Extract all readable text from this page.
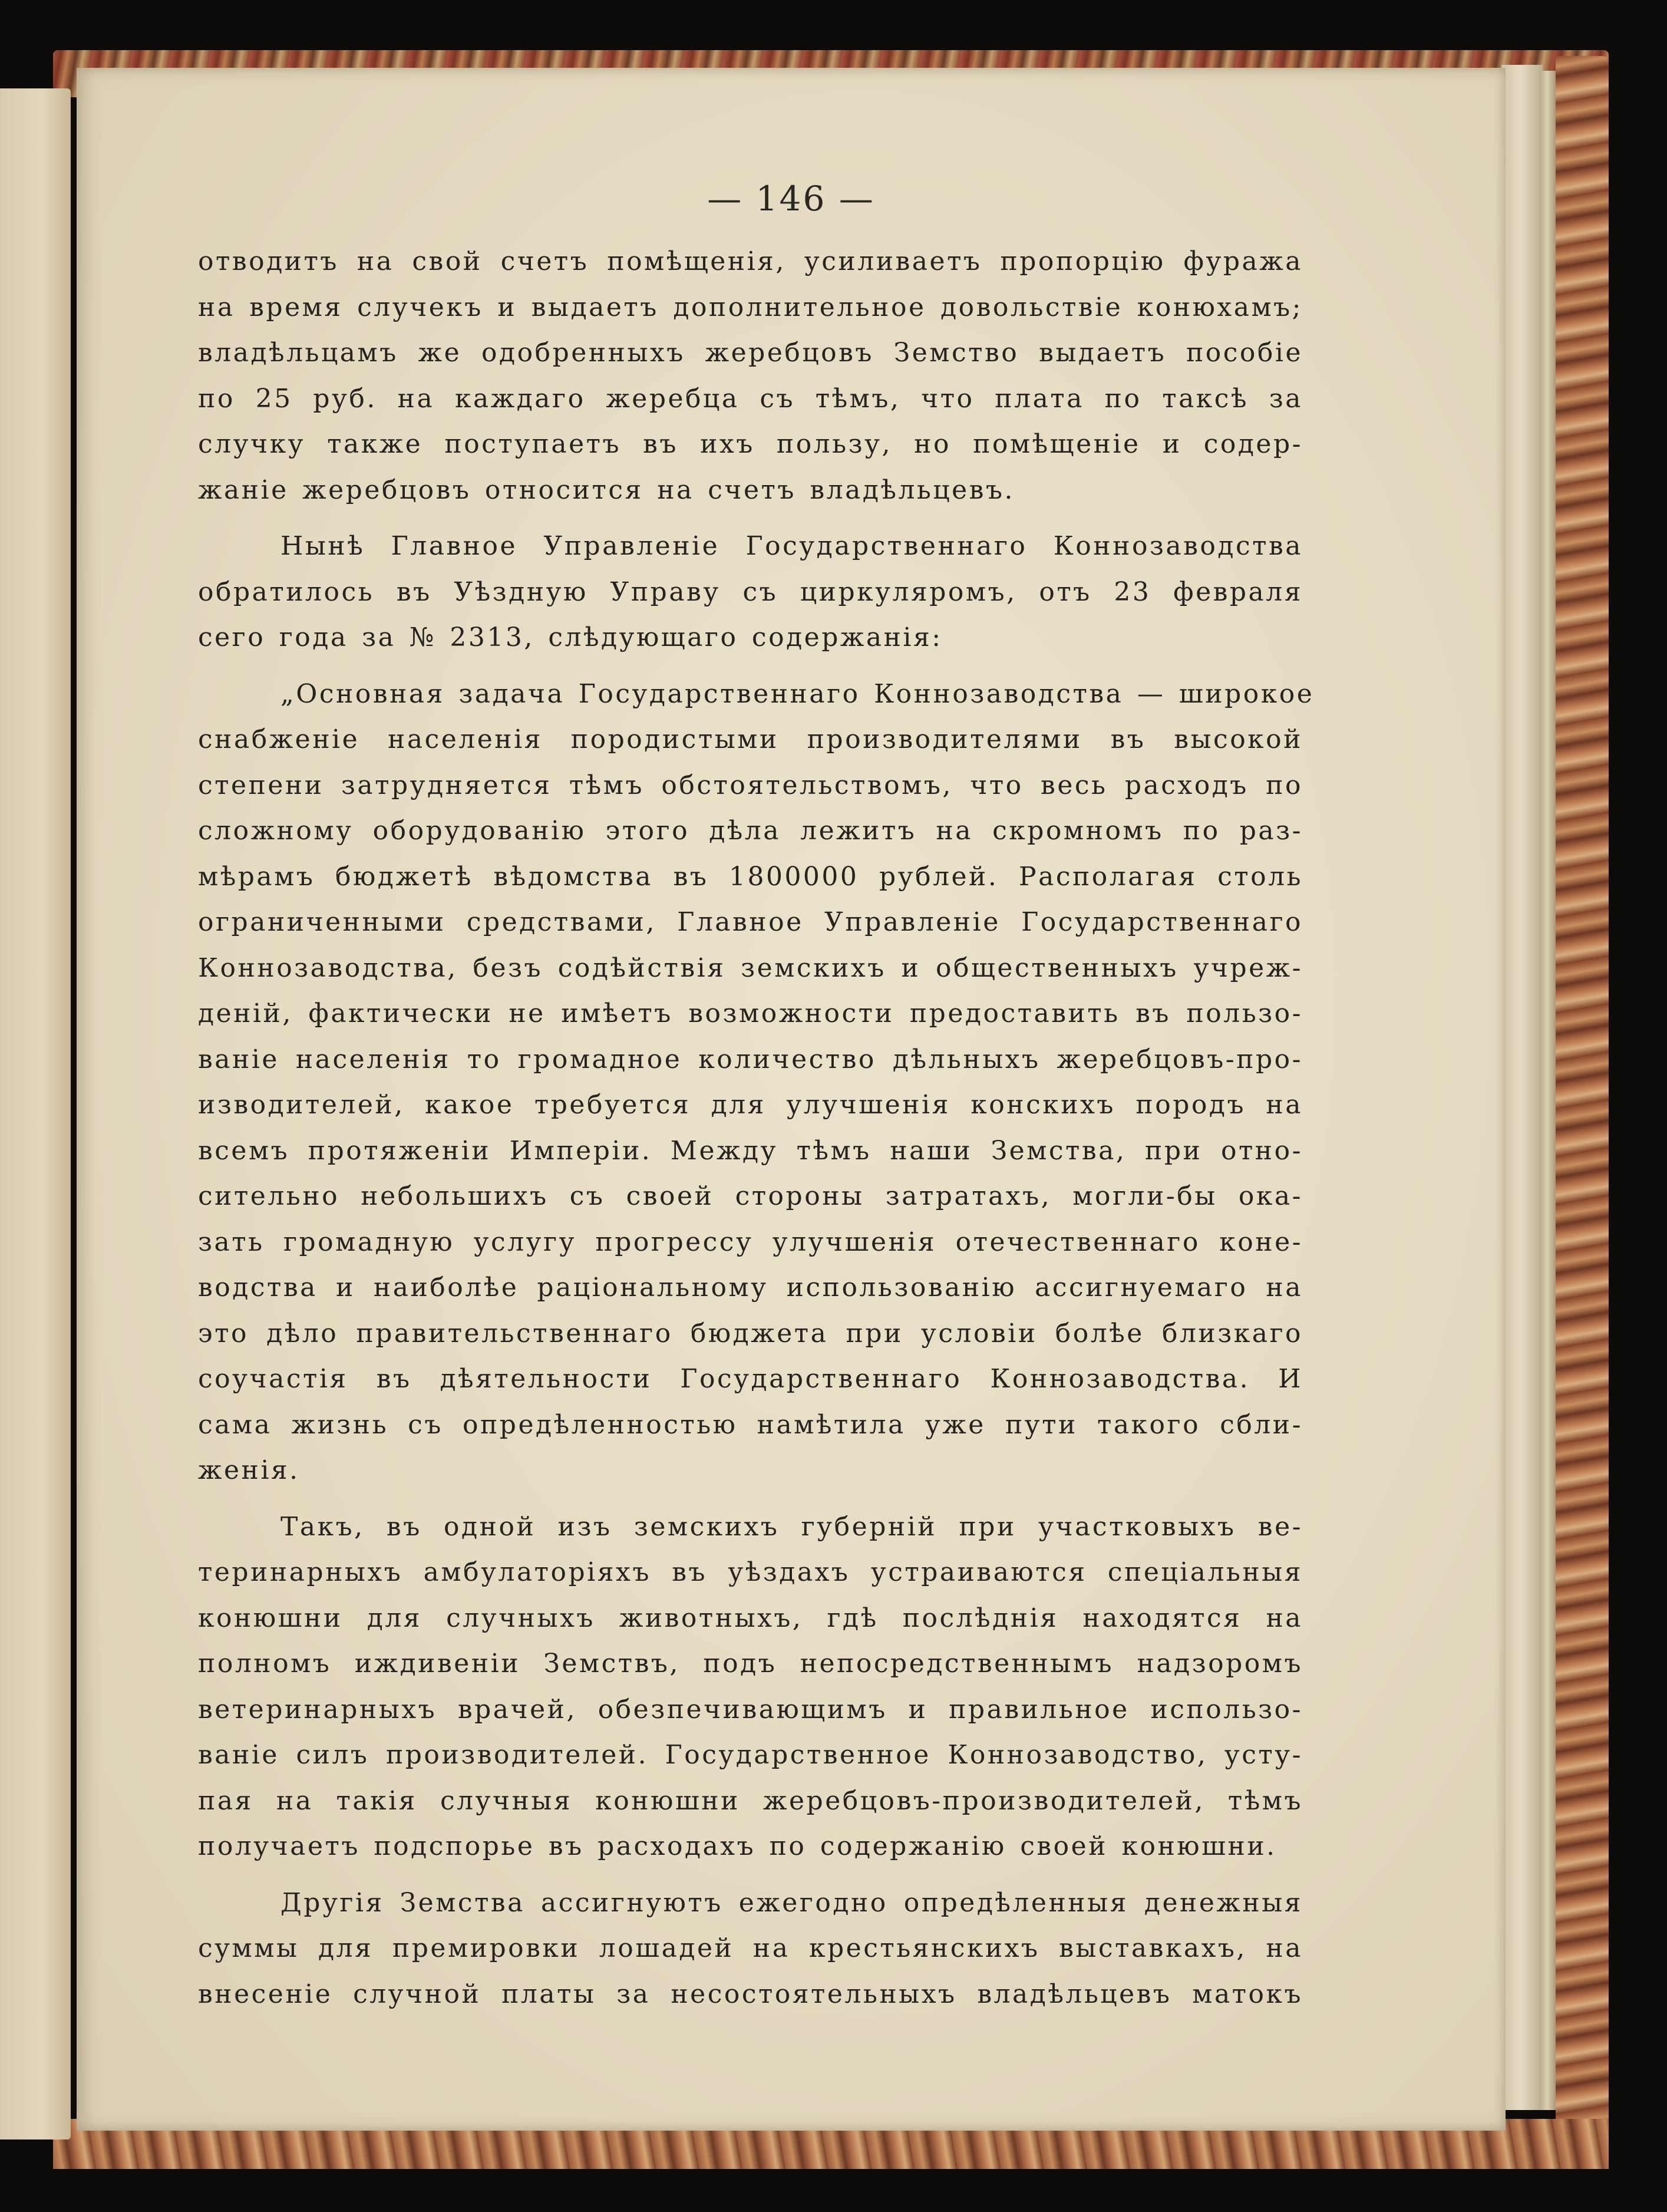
— 146 —
отводитъ на свой счетъ помѣщенія, усиливаетъ пропорцію фуража
на время случекъ и выдаетъ дополнительное довольствіе конюхамъ;
владѣльцамъ же одобренныхъ жеребцовъ Земство выдаетъ пособіе
по 25 руб. на каждаго жеребца съ тѣмъ, что плата по таксѣ за
случку также поступаетъ въ ихъ пользу, но помѣщеніе и содер-
жаніе жеребцовъ относится на счетъ владѣльцевъ.
Нынѣ Главное Управленіе Государственнаго Коннозаводства
обратилось въ Уѣздную Управу съ циркуляромъ, отъ 23 февраля
сего года за № 2313, слѣдующаго содержанія:
„Основная задача Государственнаго Коннозаводства — широкое
снабженіе населенія породистыми производителями въ высокой
степени затрудняется тѣмъ обстоятельствомъ, что весь расходъ по
сложному оборудованію этого дѣла лежитъ на скромномъ по раз-
мѣрамъ бюджетѣ вѣдомства въ 1800000 рублей. Располагая столь
ограниченными средствами, Главное Управленіе Государственнаго
Коннозаводства, безъ содѣйствія земскихъ и общественныхъ учреж-
деній, фактически не имѣетъ возможности предоставить въ пользо-
ваніе населенія то громадное количество дѣльныхъ жеребцовъ-про-
изводителей, какое требуется для улучшенія конскихъ породъ на
всемъ протяженіи Имперіи. Между тѣмъ наши Земства, при отно-
сительно небольшихъ съ своей стороны затратахъ, могли-бы ока-
зать громадную услугу прогрессу улучшенія отечественнаго коне-
водства и наиболѣе раціональному использованію ассигнуемаго на
это дѣло правительственнаго бюджета при условіи болѣе близкаго
соучастія въ дѣятельности Государственнаго Коннозаводства. И
сама жизнь съ опредѣленностью намѣтила уже пути такого сбли-
женія.
Такъ, въ одной изъ земскихъ губерній при участковыхъ ве-
теринарныхъ амбулаторіяхъ въ уѣздахъ устраиваются спеціальныя
конюшни для случныхъ животныхъ, гдѣ послѣднія находятся на
полномъ иждивеніи Земствъ, подъ непосредственнымъ надзоромъ
ветеринарныхъ врачей, обезпечивающимъ и правильное использо-
ваніе силъ производителей. Государственное Коннозаводство, усту-
пая на такія случныя конюшни жеребцовъ-производителей, тѣмъ
получаетъ подспорье въ расходахъ по содержанію своей конюшни.
Другія Земства ассигнуютъ ежегодно опредѣленныя денежныя
суммы для премировки лошадей на крестьянскихъ выставкахъ, на
внесеніе случной платы за несостоятельныхъ владѣльцевъ матокъ
